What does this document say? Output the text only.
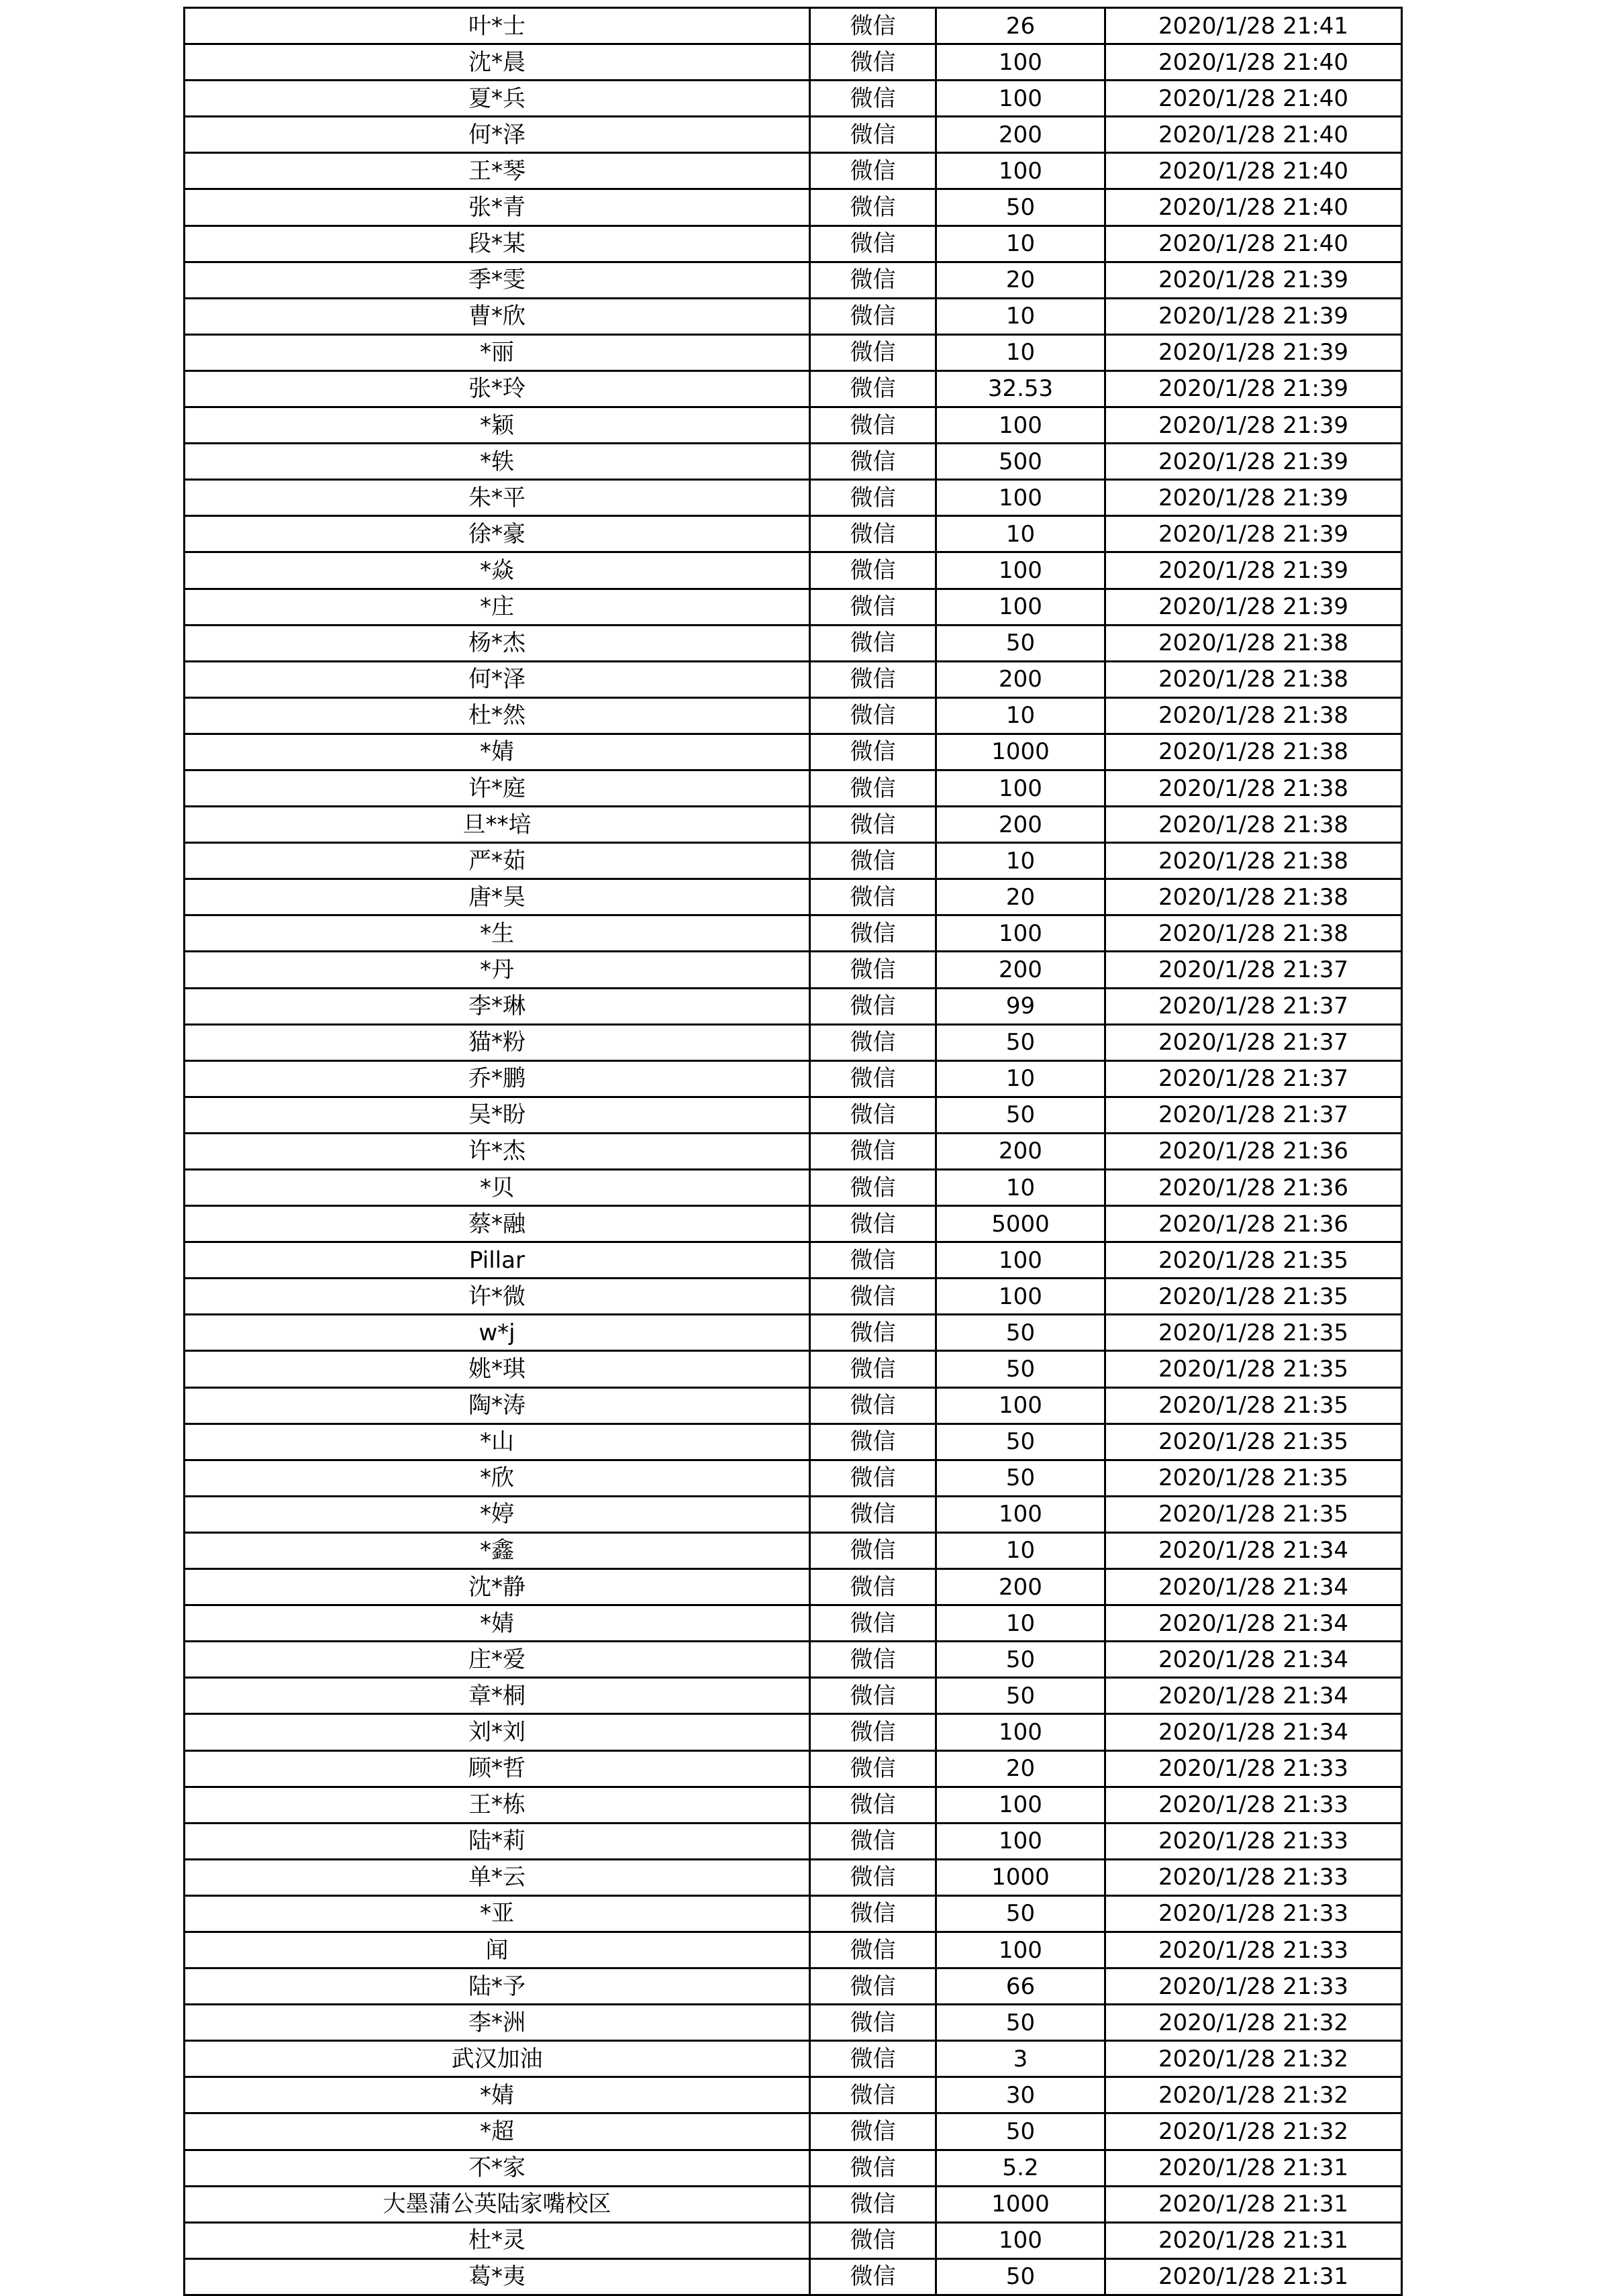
叶*士	微信	26	2020/1/28 21:41
沈*晨	微信	100	2020/1/28 21:40
夏*兵	微信	100	2020/1/28 21:40
何*泽	微信	200	2020/1/28 21:40
王*琴	微信	100	2020/1/28 21:40
张*青	微信	50	2020/1/28 21:40
段*某	微信	10	2020/1/28 21:40
季*雯	微信	20	2020/1/28 21:39
曹*欣	微信	10	2020/1/28 21:39
*丽	微信	10	2020/1/28 21:39
张*玲	微信	32.53	2020/1/28 21:39
*颖	微信	100	2020/1/28 21:39
*轶	微信	500	2020/1/28 21:39
朱*平	微信	100	2020/1/28 21:39
徐*豪	微信	10	2020/1/28 21:39
*焱	微信	100	2020/1/28 21:39
*庄	微信	100	2020/1/28 21:39
杨*杰	微信	50	2020/1/28 21:38
何*泽	微信	200	2020/1/28 21:38
杜*然	微信	10	2020/1/28 21:38
*婧	微信	1000	2020/1/28 21:38
许*庭	微信	100	2020/1/28 21:38
旦**培	微信	200	2020/1/28 21:38
严*茹	微信	10	2020/1/28 21:38
唐*昊	微信	20	2020/1/28 21:38
*生	微信	100	2020/1/28 21:38
*丹	微信	200	2020/1/28 21:37
李*琳	微信	99	2020/1/28 21:37
猫*粉	微信	50	2020/1/28 21:37
乔*鹏	微信	10	2020/1/28 21:37
吴*盼	微信	50	2020/1/28 21:37
许*杰	微信	200	2020/1/28 21:36
*贝	微信	10	2020/1/28 21:36
蔡*融	微信	5000	2020/1/28 21:36
Pillar	微信	100	2020/1/28 21:35
许*微	微信	100	2020/1/28 21:35
w*j	微信	50	2020/1/28 21:35
姚*琪	微信	50	2020/1/28 21:35
陶*涛	微信	100	2020/1/28 21:35
*山	微信	50	2020/1/28 21:35
*欣	微信	50	2020/1/28 21:35
*婷	微信	100	2020/1/28 21:35
*鑫	微信	10	2020/1/28 21:34
沈*静	微信	200	2020/1/28 21:34
*婧	微信	10	2020/1/28 21:34
庄*爱	微信	50	2020/1/28 21:34
章*桐	微信	50	2020/1/28 21:34
刘*刘	微信	100	2020/1/28 21:34
顾*哲	微信	20	2020/1/28 21:33
王*栋	微信	100	2020/1/28 21:33
陆*莉	微信	100	2020/1/28 21:33
单*云	微信	1000	2020/1/28 21:33
*亚	微信	50	2020/1/28 21:33
闻	微信	100	2020/1/28 21:33
陆*予	微信	66	2020/1/28 21:33
李*洲	微信	50	2020/1/28 21:32
武汉加油	微信	3	2020/1/28 21:32
*婧	微信	30	2020/1/28 21:32
*超	微信	50	2020/1/28 21:32
不*家	微信	5.2	2020/1/28 21:31
大墨蒲公英陆家嘴校区	微信	1000	2020/1/28 21:31
杜*灵	微信	100	2020/1/28 21:31
葛*夷	微信	50	2020/1/28 21:31
